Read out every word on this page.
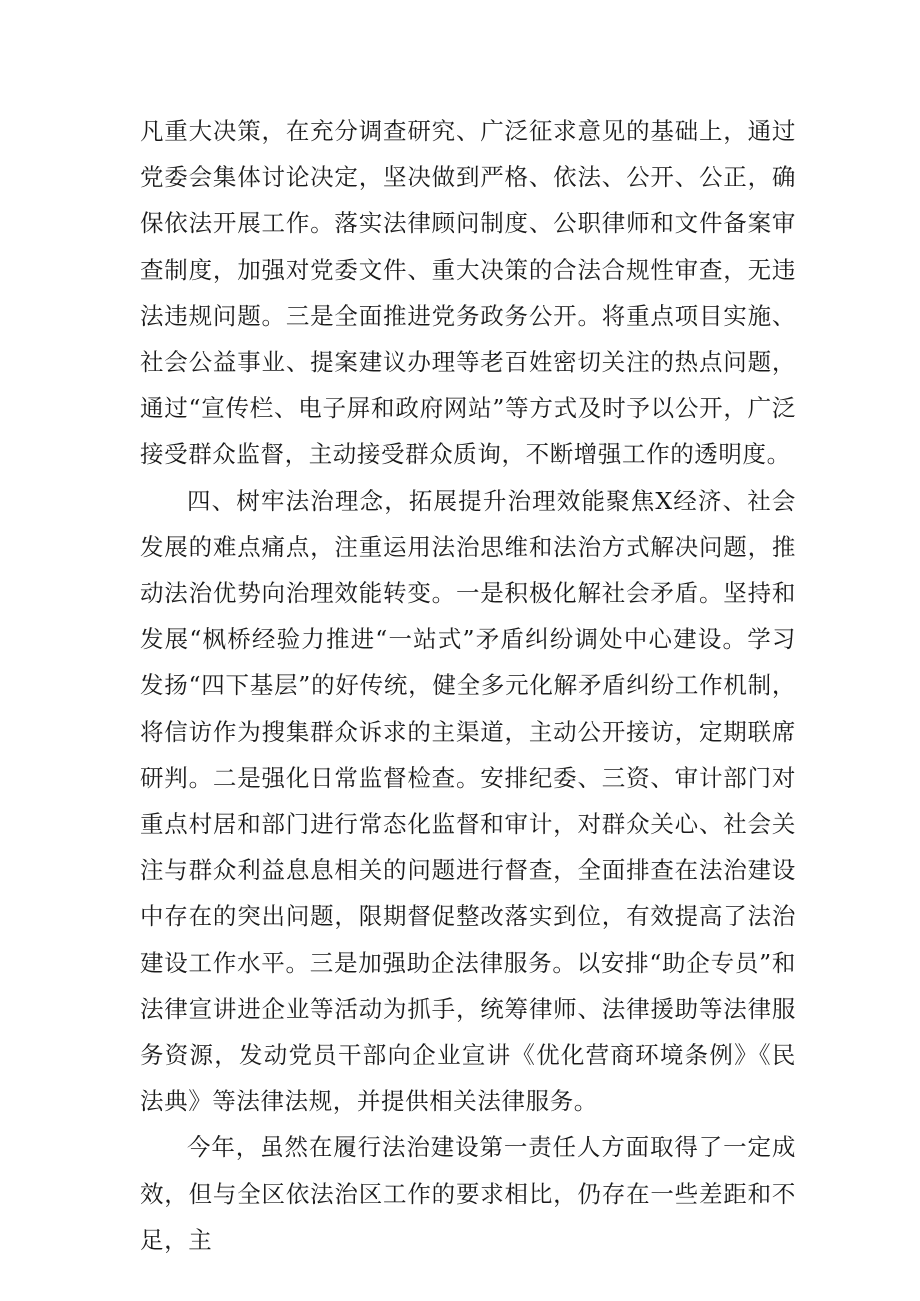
凡重大决策，在充分调查研究、广泛征求意见的基础上，通过党委会集体讨论决定，坚决做到严格、依法、公开、公正，确保依法开展工作。落实法律顾问制度、公职律师和文件备案审查制度，加强对党委文件、重大决策的合法合规性审查，无违法违规问题。三是全面推进党务政务公开。将重点项目实施、社会公益事业、提案建议办理等老百姓密切关注的热点问题，通过“宣传栏、电子屏和政府网站”等方式及时予以公开，广泛接受群众监督，主动接受群众质询，不断增强工作的透明度。

四、树牢法治理念，拓展提升治理效能聚焦X经济、社会发展的难点痛点，注重运用法治思维和法治方式解决问题，推动法治优势向治理效能转变。一是积极化解社会矛盾。坚持和发展“枫桥经验力推进“一站式”矛盾纠纷调处中心建设。学习发扬“四下基层”的好传统，健全多元化解矛盾纠纷工作机制，将信访作为搜集群众诉求的主渠道，主动公开接访，定期联席研判。二是强化日常监督检查。安排纪委、三资、审计部门对重点村居和部门进行常态化监督和审计，对群众关心、社会关注与群众利益息息相关的问题进行督查，全面排查在法治建设中存在的突出问题，限期督促整改落实到位，有效提高了法治建设工作水平。三是加强助企法律服务。以安排“助企专员”和法律宣讲进企业等活动为抓手，统筹律师、法律援助等法律服务资源，发动党员干部向企业宣讲《优化营商环境条例》《民法典》等法律法规，并提供相关法律服务。

今年，虽然在履行法治建设第一责任人方面取得了一定成效，但与全区依法治区工作的要求相比，仍存在一些差距和不足，主
